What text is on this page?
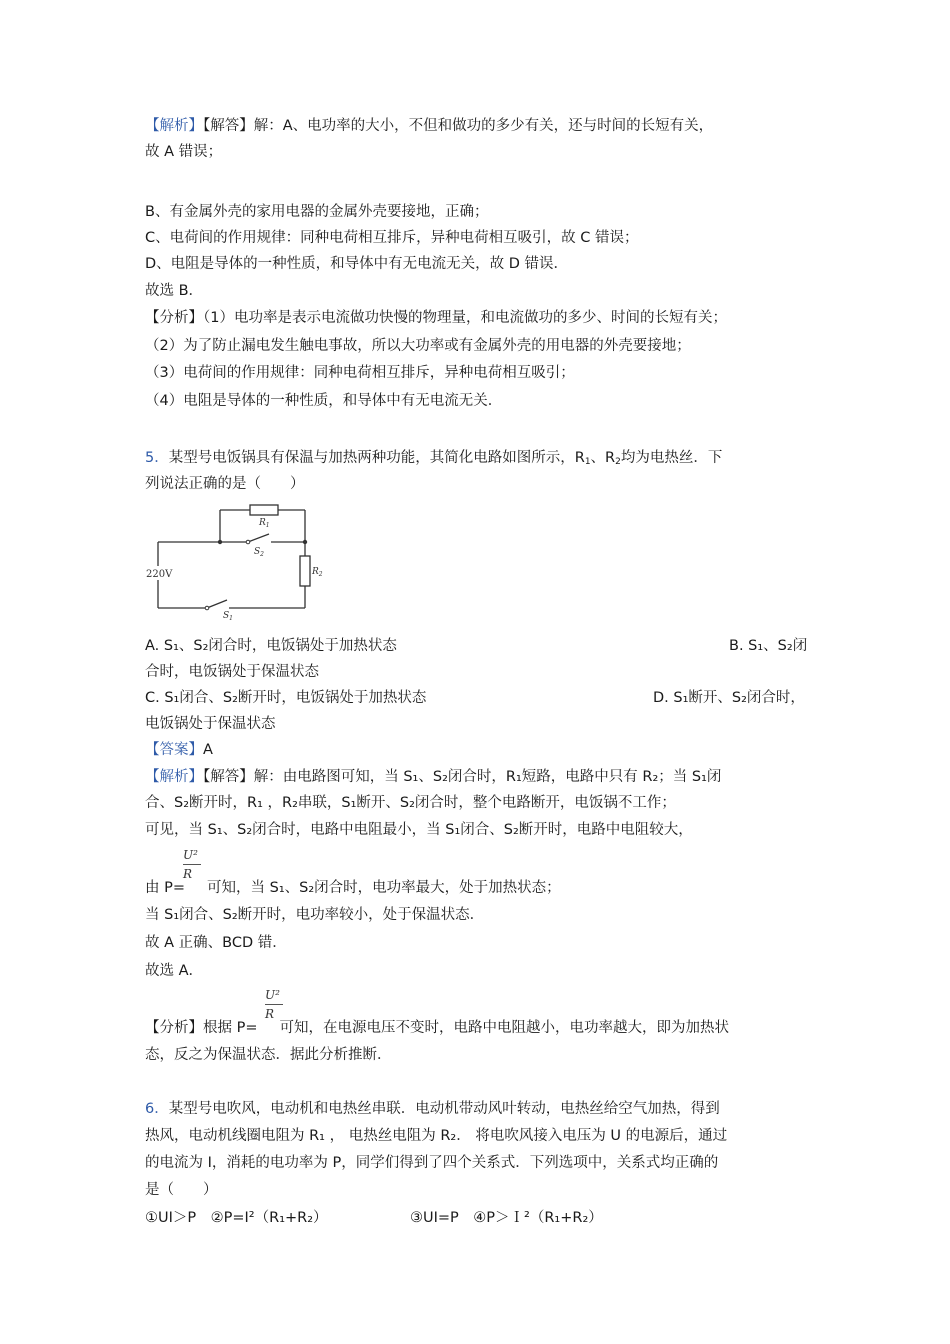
【解析】【解答】解：A、电功率的大小，不但和做功的多少有关，还与时间的长短有关，
故 A 错误；
B、有金属外壳的家用电器的金属外壳要接地，正确；
C、电荷间的作用规律：同种电荷相互排斥，异种电荷相互吸引，故 C 错误；
D、电阻是导体的一种性质，和导体中有无电流无关，故 D 错误．
故选 B．
【分析】（1）电功率是表示电流做功快慢的物理量，和电流做功的多少、时间的长短有关；
（2）为了防止漏电发生触电事故，所以大功率或有金属外壳的用电器的外壳要接地；
（3）电荷间的作用规律：同种电荷相互排斥，异种电荷相互吸引；
（4）电阻是导体的一种性质，和导体中有无电流无关．
5．某型号电饭锅具有保温与加热两种功能，其简化电路如图所示，$R_1$、$R_2$均为电热丝．下
列说法正确的是（　　）
$R_1$
$S_2$
$R_2$
$S_1$
220V
A. S₁、S₂闭合时，电饭锅处于加热状态	B. S₁、S₂闭
合时，电饭锅处于保温状态
C. S₁闭合、S₂断开时，电饭锅处于加热状态	D. S₁断开、S₂闭合时，
电饭锅处于保温状态
【答案】A
【解析】【解答】解：由电路图可知，当 S₁、S₂闭合时，R₁短路，电路中只有 R₂；当 S₁闭
合、S₂断开时，R₁ ，R₂串联，S₁断开、S₂闭合时，整个电路断开，电饭锅不工作；
可见，当 S₁、S₂闭合时，电路中电阻最小，当 S₁闭合、S₂断开时，电路中电阻较大，
U²
R
由 P= 可知，当 S₁、S₂闭合时，电功率最大，处于加热状态；
当 S₁闭合、S₂断开时，电功率较小，处于保温状态．
故 A 正确、BCD 错．
故选 A．
U²
R
【分析】根据 P= 可知，在电源电压不变时，电路中电阻越小，电功率越大，即为加热状
态，反之为保温状态．据此分析推断．
6．某型号电吹风，电动机和电热丝串联．电动机带动风叶转动，电热丝给空气加热，得到
热风，电动机线圈电阻为 R₁ ， 电热丝电阻为 R₂． 将电吹风接入电压为 U 的电源后，通过
的电流为 I，消耗的电功率为 P，同学们得到了四个关系式．下列选项中，关系式均正确的
是（　　）
①UI＞P　②P=I²（R₁+R₂）	③UI=P　④P＞Ｉ²（R₁+R₂）
